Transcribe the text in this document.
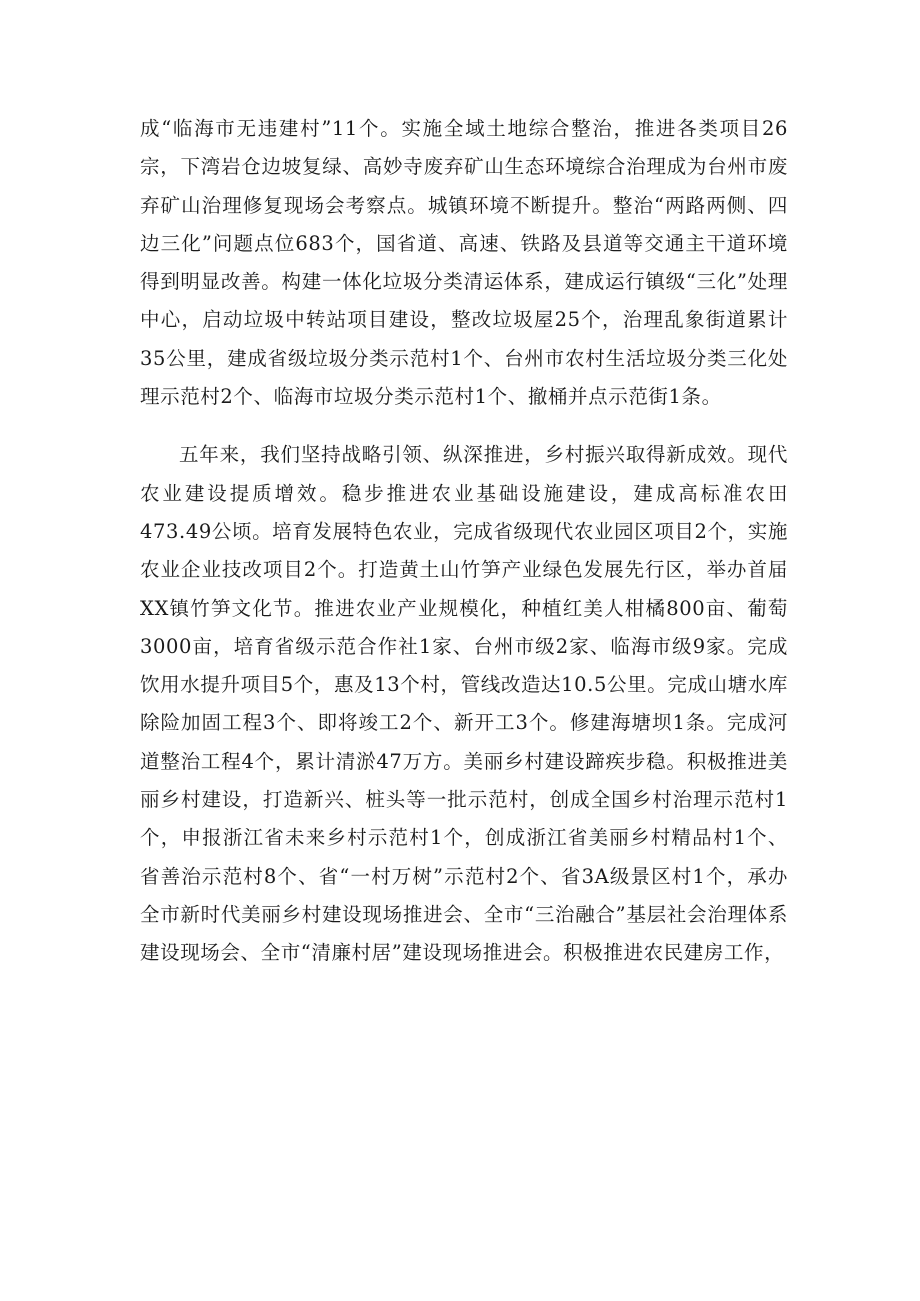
成“临海市无违建村”11个。实施全域土地综合整治，推进各类项目26宗，下湾岩仓边坡复绿、高妙寺废弃矿山生态环境综合治理成为台州市废弃矿山治理修复现场会考察点。城镇环境不断提升。整治“两路两侧、四边三化”问题点位683个，国省道、高速、铁路及县道等交通主干道环境得到明显改善。构建一体化垃圾分类清运体系，建成运行镇级“三化”处理中心，启动垃圾中转站项目建设，整改垃圾屋25个，治理乱象街道累计35公里，建成省级垃圾分类示范村1个、台州市农村生活垃圾分类三化处理示范村2个、临海市垃圾分类示范村1个、撤桶并点示范街1条。

五年来，我们坚持战略引领、纵深推进，乡村振兴取得新成效。现代农业建设提质增效。稳步推进农业基础设施建设，建成高标准农田473.49公顷。培育发展特色农业，完成省级现代农业园区项目2个，实施农业企业技改项目2个。打造黄土山竹笋产业绿色发展先行区，举办首届XX镇竹笋文化节。推进农业产业规模化，种植红美人柑橘800亩、葡萄3000亩，培育省级示范合作社1家、台州市级2家、临海市级9家。完成饮用水提升项目5个，惠及13个村，管线改造达10.5公里。完成山塘水库除险加固工程3个、即将竣工2个、新开工3个。修建海塘坝1条。完成河道整治工程4个，累计清淤47万方。美丽乡村建设蹄疾步稳。积极推进美丽乡村建设，打造新兴、桩头等一批示范村，创成全国乡村治理示范村1个，申报浙江省未来乡村示范村1个，创成浙江省美丽乡村精品村1个、省善治示范村8个、省“一村万树”示范村2个、省3A级景区村1个，承办全市新时代美丽乡村建设现场推进会、全市“三治融合”基层社会治理体系建设现场会、全市“清廉村居”建设现场推进会。积极推进农民建房工作，
